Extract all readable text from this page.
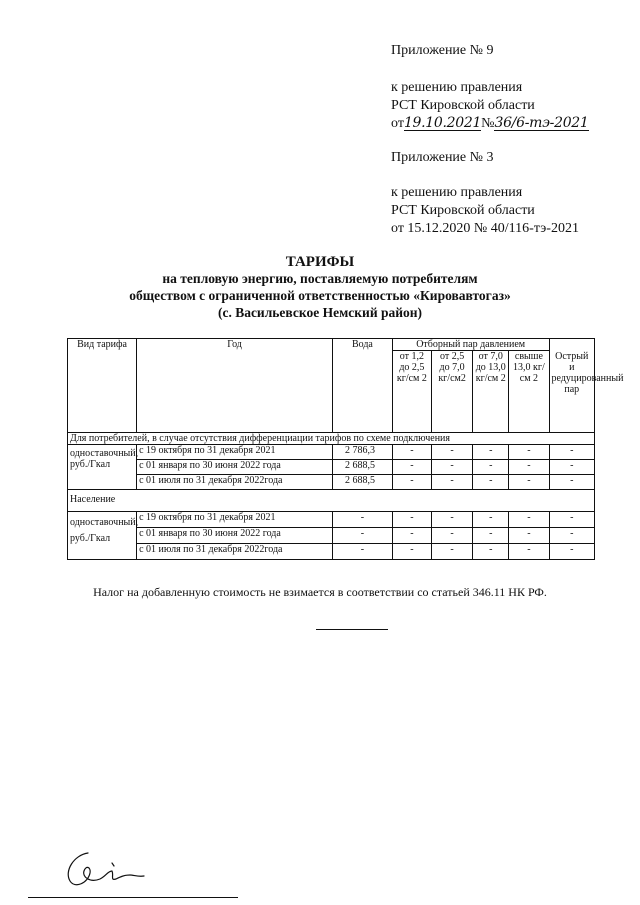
Приложение № 9
к решению правления
РСТ Кировской области
от19.10.2021№36/6-тэ-2021
Приложение № 3
к решению правления
РСТ Кировской области
от 15.12.2020 № 40/116-тэ-2021
ТАРИФЫ
на тепловую энергию, поставляемую потребителям
обществом с ограниченной ответственностью «Кировавтогаз»
(с. Васильевское Немский район)
Вид тарифа	Год	Вода	Отборный пар давлением				Острый и редуцированный пар
			от 1,2 до 2,5 кг/см 2	от 2,5 до 7,0 кг/см2	от 7,0 до 13,0 кг/см 2	свыше 13,0 кг/см 2	
Для потребителей, в случае отсутствия дифференциации тарифов по схеме подключения							
одноставочный, руб./Гкал	с 19 октября по 31 декабря 2021	2 786,3	-	-	-	-	-
	с 01 января по 30 июня 2022 года	2 688,5	-	-	-	-	-
	с 01 июля по 31 декабря 2022года	2 688,5	-	-	-	-	-
Население							
одноставочный, руб./Гкал	с 19 октября по 31 декабря 2021	-	-	-	-	-	-
	с 01 января по 30 июня 2022 года	-	-	-	-	-	-
	с 01 июля по 31 декабря 2022года	-	-	-	-	-	-
Налог на добавленную стоимость не взимается в соответствии со статьей 346.11 НК РФ.
